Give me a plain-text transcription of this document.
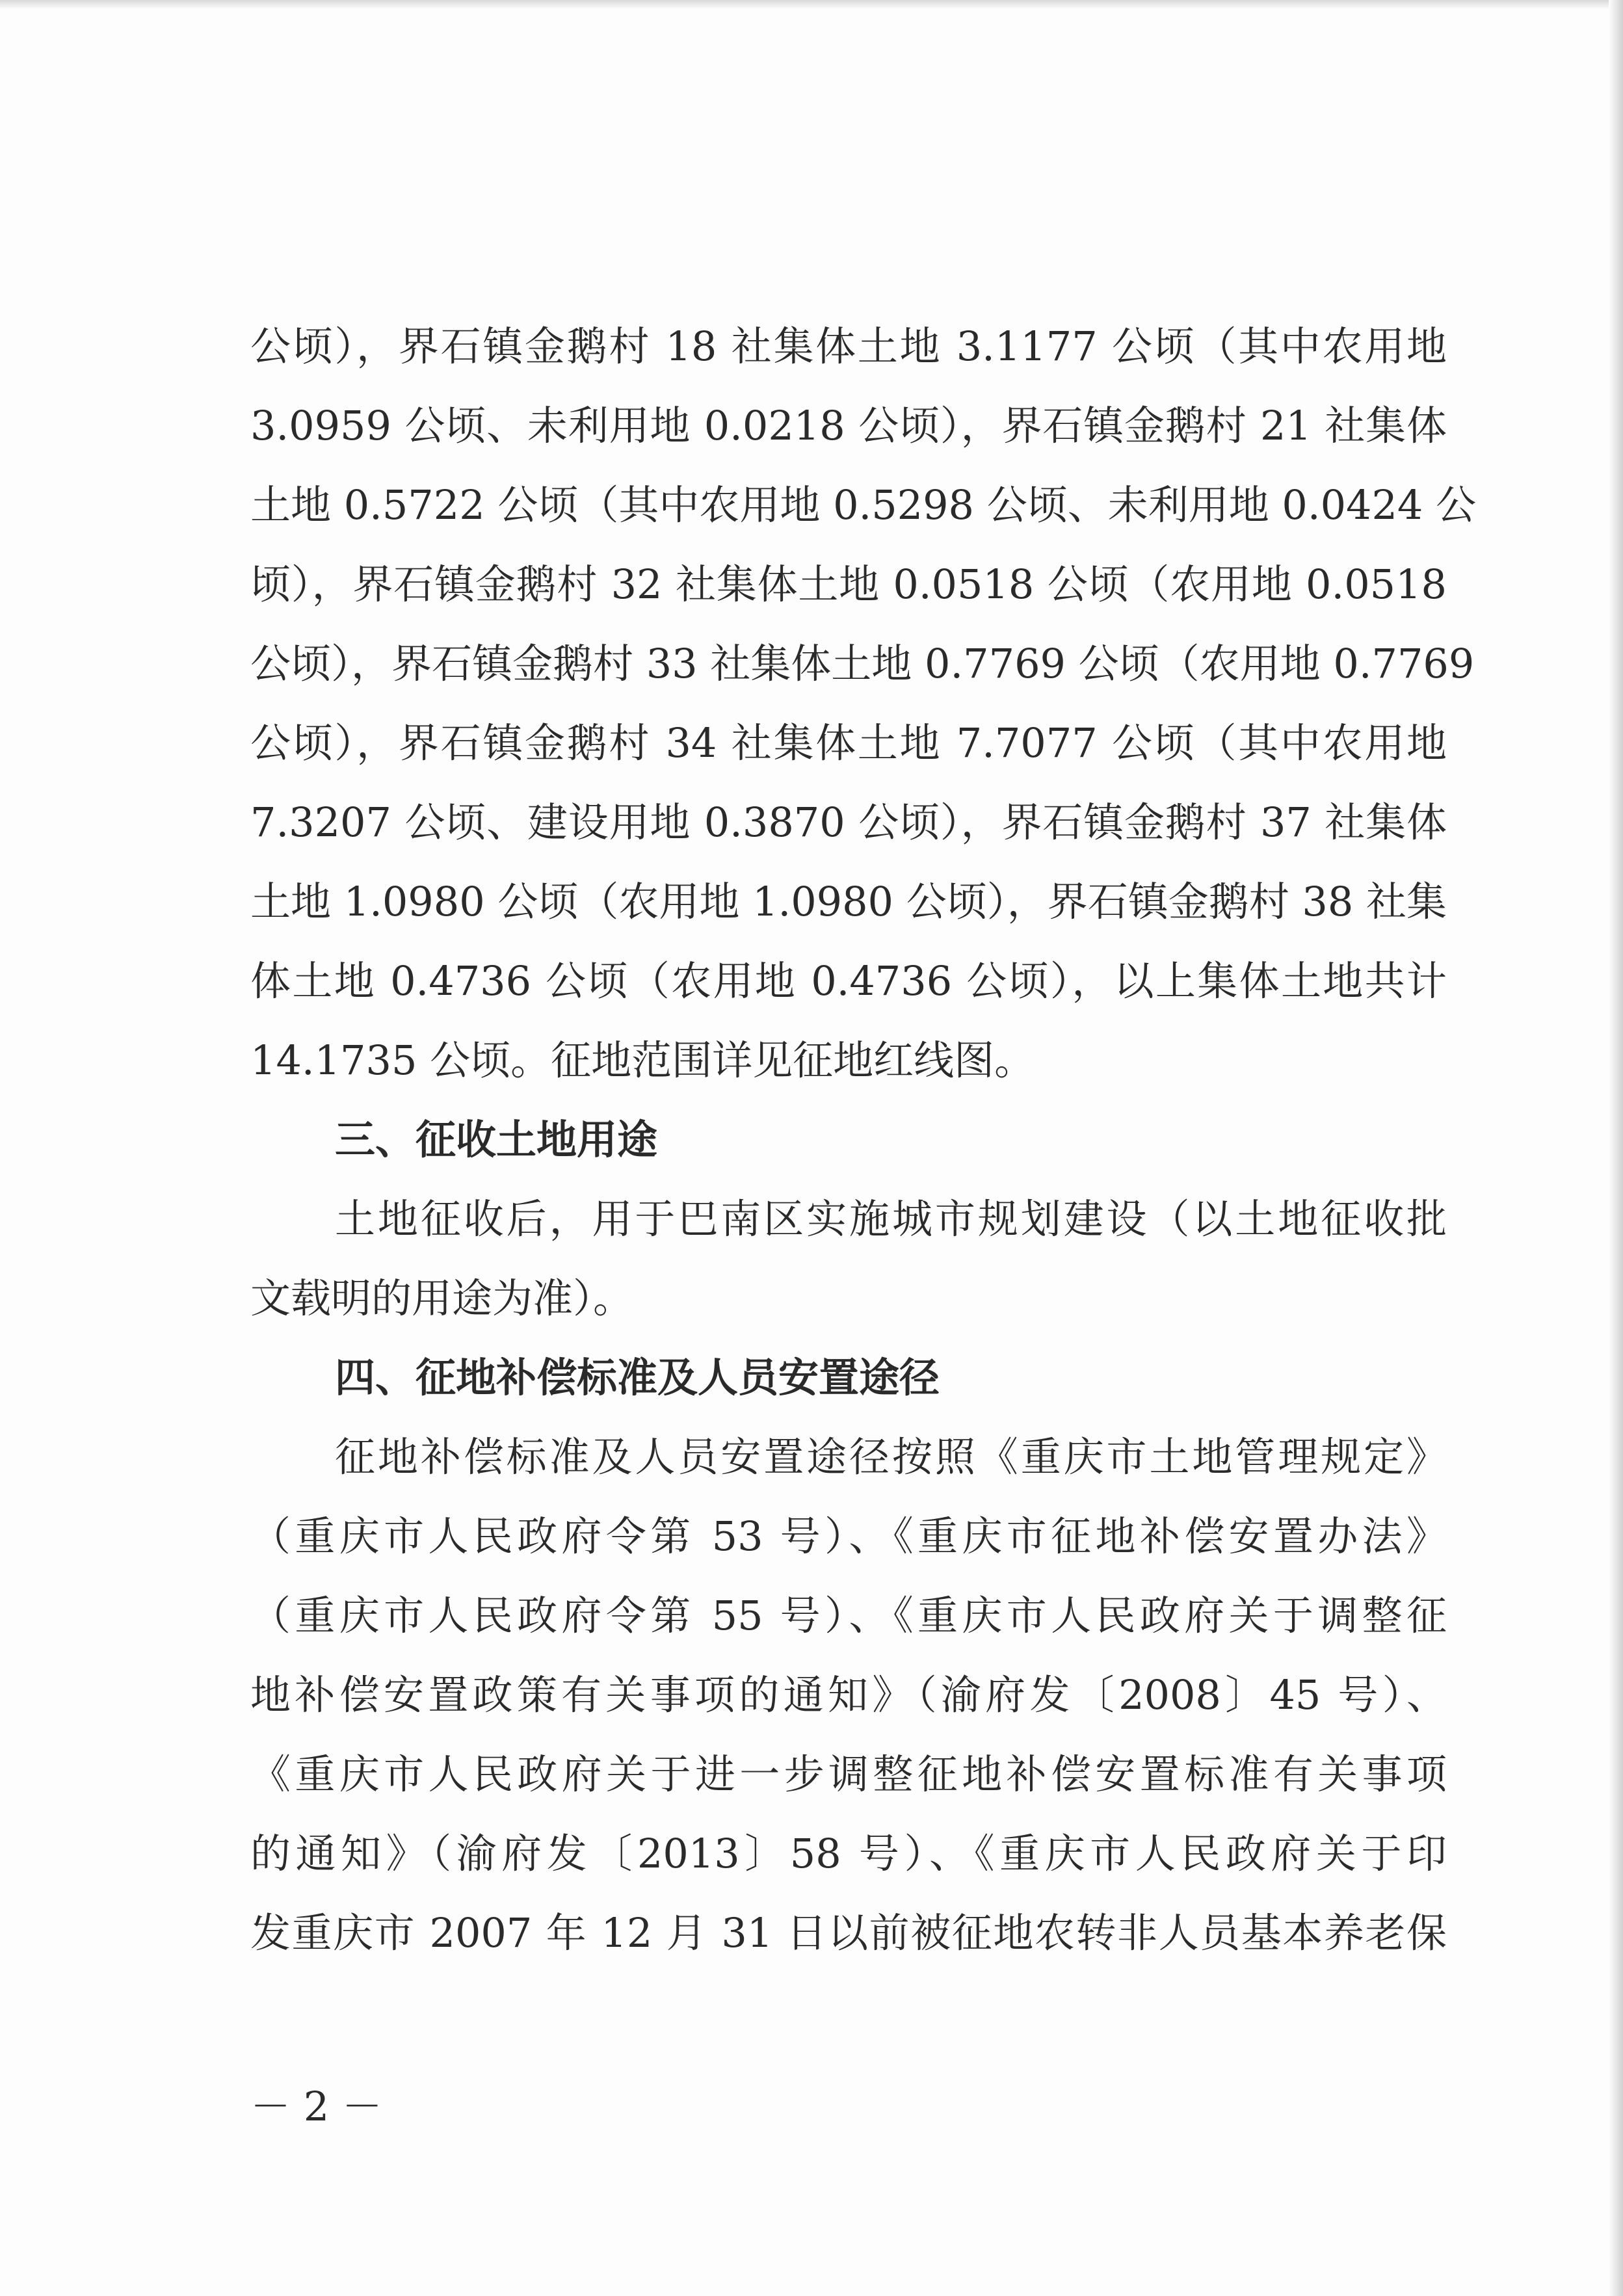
公顷），界石镇金鹅村 18 社集体土地 3.1177 公顷（其中农用地
3.0959 公顷、未利用地 0.0218 公顷），界石镇金鹅村 21 社集体
土地 0.5722 公顷（其中农用地 0.5298 公顷、未利用地 0.0424 公
顷），界石镇金鹅村 32 社集体土地 0.0518 公顷（农用地 0.0518
公顷），界石镇金鹅村 33 社集体土地 0.7769 公顷（农用地 0.7769
公顷），界石镇金鹅村 34 社集体土地 7.7077 公顷（其中农用地
7.3207 公顷、建设用地 0.3870 公顷），界石镇金鹅村 37 社集体
土地 1.0980 公顷（农用地 1.0980 公顷），界石镇金鹅村 38 社集
体土地 0.4736 公顷（农用地 0.4736 公顷），以上集体土地共计
14.1735 公顷。征地范围详见征地红线图。
三、征收土地用途
土地征收后，用于巴南区实施城市规划建设（以土地征收批
文载明的用途为准）。
四、征地补偿标准及人员安置途径
征地补偿标准及人员安置途径按照《重庆市土地管理规定》
（重庆市人民政府令第 53 号）、《重庆市征地补偿安置办法》
（重庆市人民政府令第 55 号）、《重庆市人民政府关于调整征
地补偿安置政策有关事项的通知》（渝府发〔2008〕45 号）、
《重庆市人民政府关于进一步调整征地补偿安置标准有关事项
的通知》（渝府发〔2013〕58 号）、《重庆市人民政府关于印
发重庆市 2007 年 12 月 31 日以前被征地农转非人员基本养老保
－ 2 －
